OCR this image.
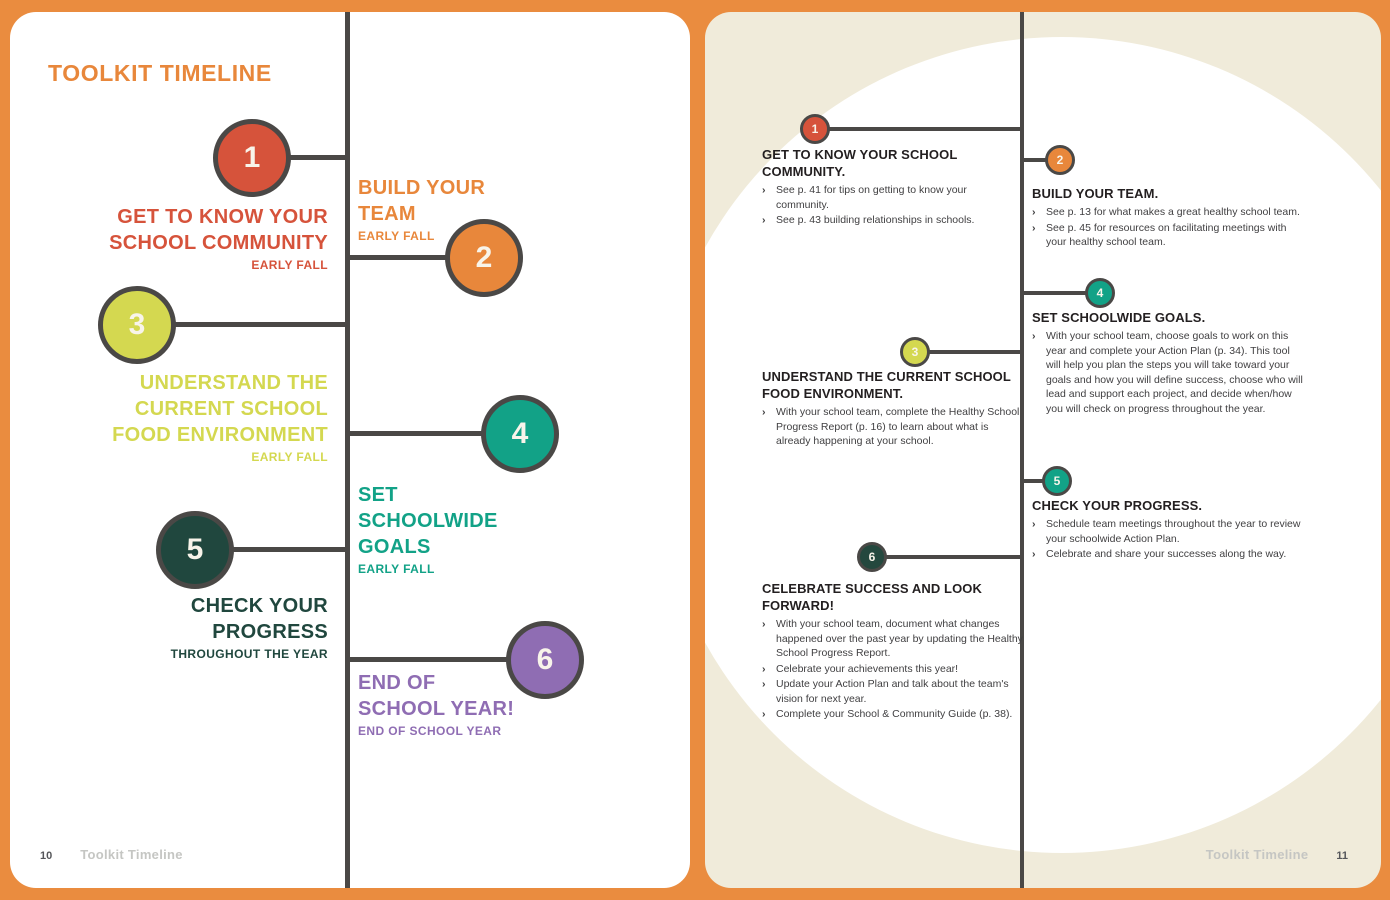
TOOLKIT TIMELINE
1
GET TO KNOW YOUR SCHOOL COMMUNITY
EARLY FALL	2
BUILD YOUR TEAM
EARLY FALL
3
UNDERSTAND THE CURRENT SCHOOL FOOD ENVIRONMENT
EARLY FALL
4
SET SCHOOLWIDE GOALS
EARLY FALL
5
CHECK YOUR PROGRESS
THROUGHOUT THE YEAR	6
END OF SCHOOL YEAR!
END OF SCHOOL YEAR
10 Toolkit Timeline
1

GET TO KNOW YOUR SCHOOL COMMUNITY.

›	See p. 41 for tips on getting to know your community.
›	See p. 43 building relationships in schools.
2

BUILD YOUR TEAM.

›	See p. 13 for what makes a great healthy school team.
›	See p. 45 for resources on facilitating meetings with your healthy school team.
4

SET SCHOOLWIDE GOALS.

›	With your school team, choose goals to work on this year and complete your Action Plan (p. 34). This tool will help you plan the steps you will take toward your goals and how you will define success, choose who will lead and support each project, and decide when/how you will check on progress throughout the year.
3

UNDERSTAND THE CURRENT SCHOOL FOOD ENVIRONMENT.

›	With your school team, complete the Healthy School Progress Report (p. 16) to learn about what is already happening at your school.
5

CHECK YOUR PROGRESS.

›	Schedule team meetings throughout the year to review your schoolwide Action Plan.
›	Celebrate and share your successes along the way.
6

CELEBRATE SUCCESS AND LOOK FORWARD!

›	With your school team, document what changes happened over the past year by updating the Healthy School Progress Report.
›	Celebrate your achievements this year!
›	Update your Action Plan and talk about the team's vision for next year.
›	Complete your School & Community Guide (p. 38).
Toolkit Timeline	11
